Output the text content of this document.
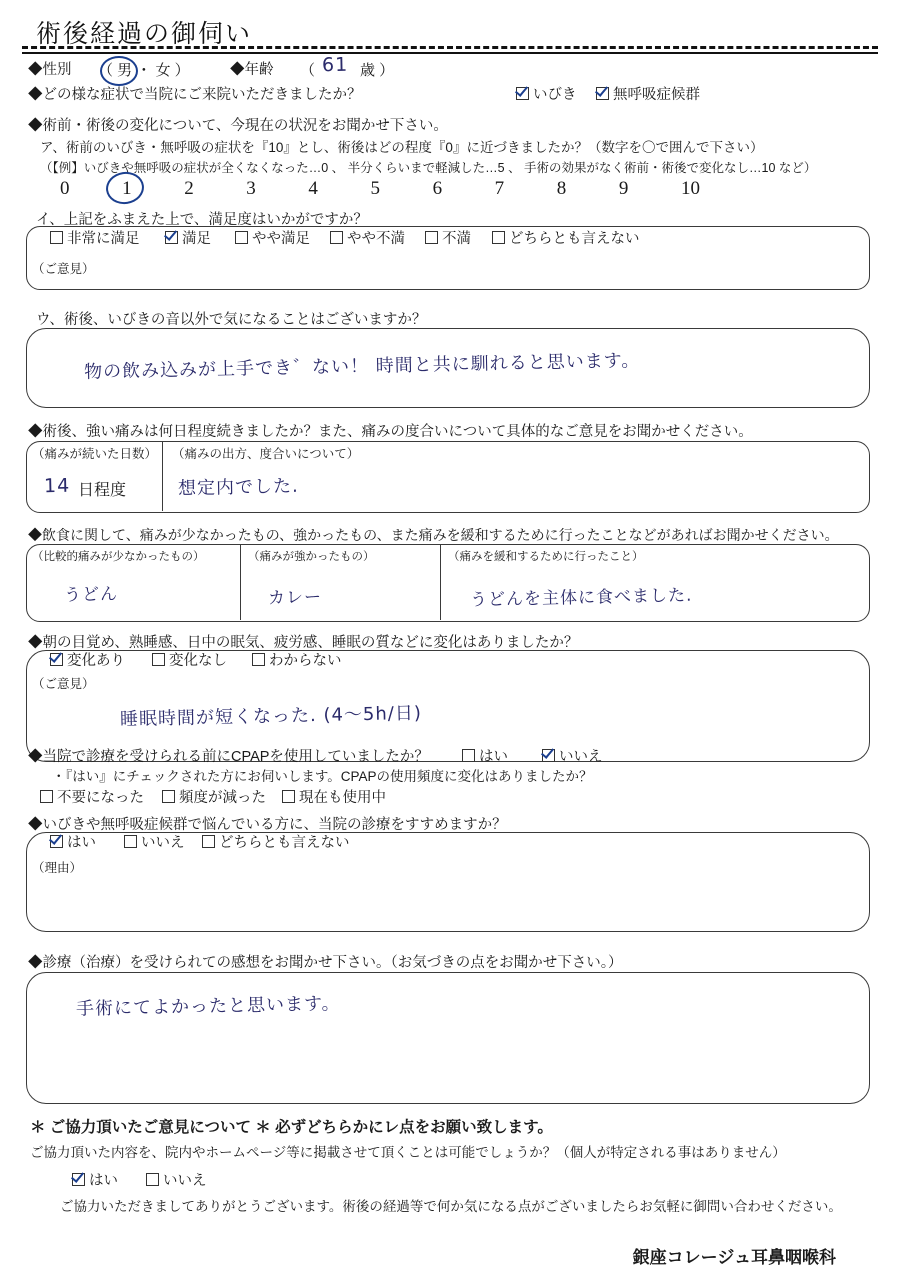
術後経過の御伺い
◆性別 （ 男 ・ 女 ）	◆年齢 （ 61 歳 ）
◆どの様な症状で当院にご来院いただきましたか？	いびき	無呼吸症候群
◆術前・術後の変化について、今現在の状況をお聞かせ下さい。
ア、術前のいびき・無呼吸の症状を『10』とし、術後はどの程度『0』に近づきましたか？（数字を〇で囲んで下さい）
（【例】いびきや無呼吸の症状が全くなくなった…0 、 半分くらいまで軽減した…5 、 手術の効果がなく術前・術後で変化なし…10 など）
0	1	2	3	4	5	6	7	8	9	10
イ、上記をふまえた上で、満足度はいかがですか？
非常に満足	満足	やや満足	やや不満	不満	どちらとも言えない
（ご意見）
ウ、術後、いびきの音以外で気になることはございますか？
物の飲み込みが上手でき゛ない！ 時間と共に馴れると思います。
◆術後、強い痛みは何日程度続きましたか？また、痛みの度合いについて具体的なご意見をお聞かせください。
（痛みが続いた日数） （痛みの出方、度合いについて）
14 日程度	想定内でした.
◆飲食に関して、痛みが少なかったもの、強かったもの、また痛みを緩和するために行ったことなどがあればお聞かせください。
（比較的痛みが少なかったもの）	（痛みが強かったもの）	（痛みを緩和するために行ったこと）
うどん	カレー	うどんを主体に食べました.
◆朝の目覚め、熟睡感、日中の眠気、疲労感、睡眠の質などに変化はありましたか？
変化あり	変化なし	わからない
（ご意見）
睡眠時間が短くなった. (4～5h/日)
◆当院で診療を受けられる前にCPAPを使用していましたか？	はい	いいえ
・『はい』にチェックされた方にお伺いします。CPAPの使用頻度に変化はありましたか？
不要になった	頻度が減った	現在も使用中
◆いびきや無呼吸症候群で悩んでいる方に、当院の診療をすすめますか？
はい	いいえ	どちらとも言えない
（理由）
◆診療（治療）を受けられての感想をお聞かせ下さい。（お気づきの点をお聞かせ下さい。）
手術にてよかったと思います。
＊ ご協力頂いたご意見について ＊ 必ずどちらかにレ点をお願い致します。
ご協力頂いた内容を、院内やホームページ等に掲載させて頂くことは可能でしょうか？（個人が特定される事はありません）
はい	いいえ
ご協力いただきましてありがとうございます。術後の経過等で何か気になる点がございましたらお気軽に御問い合わせください。
銀座コレージュ耳鼻咽喉科
